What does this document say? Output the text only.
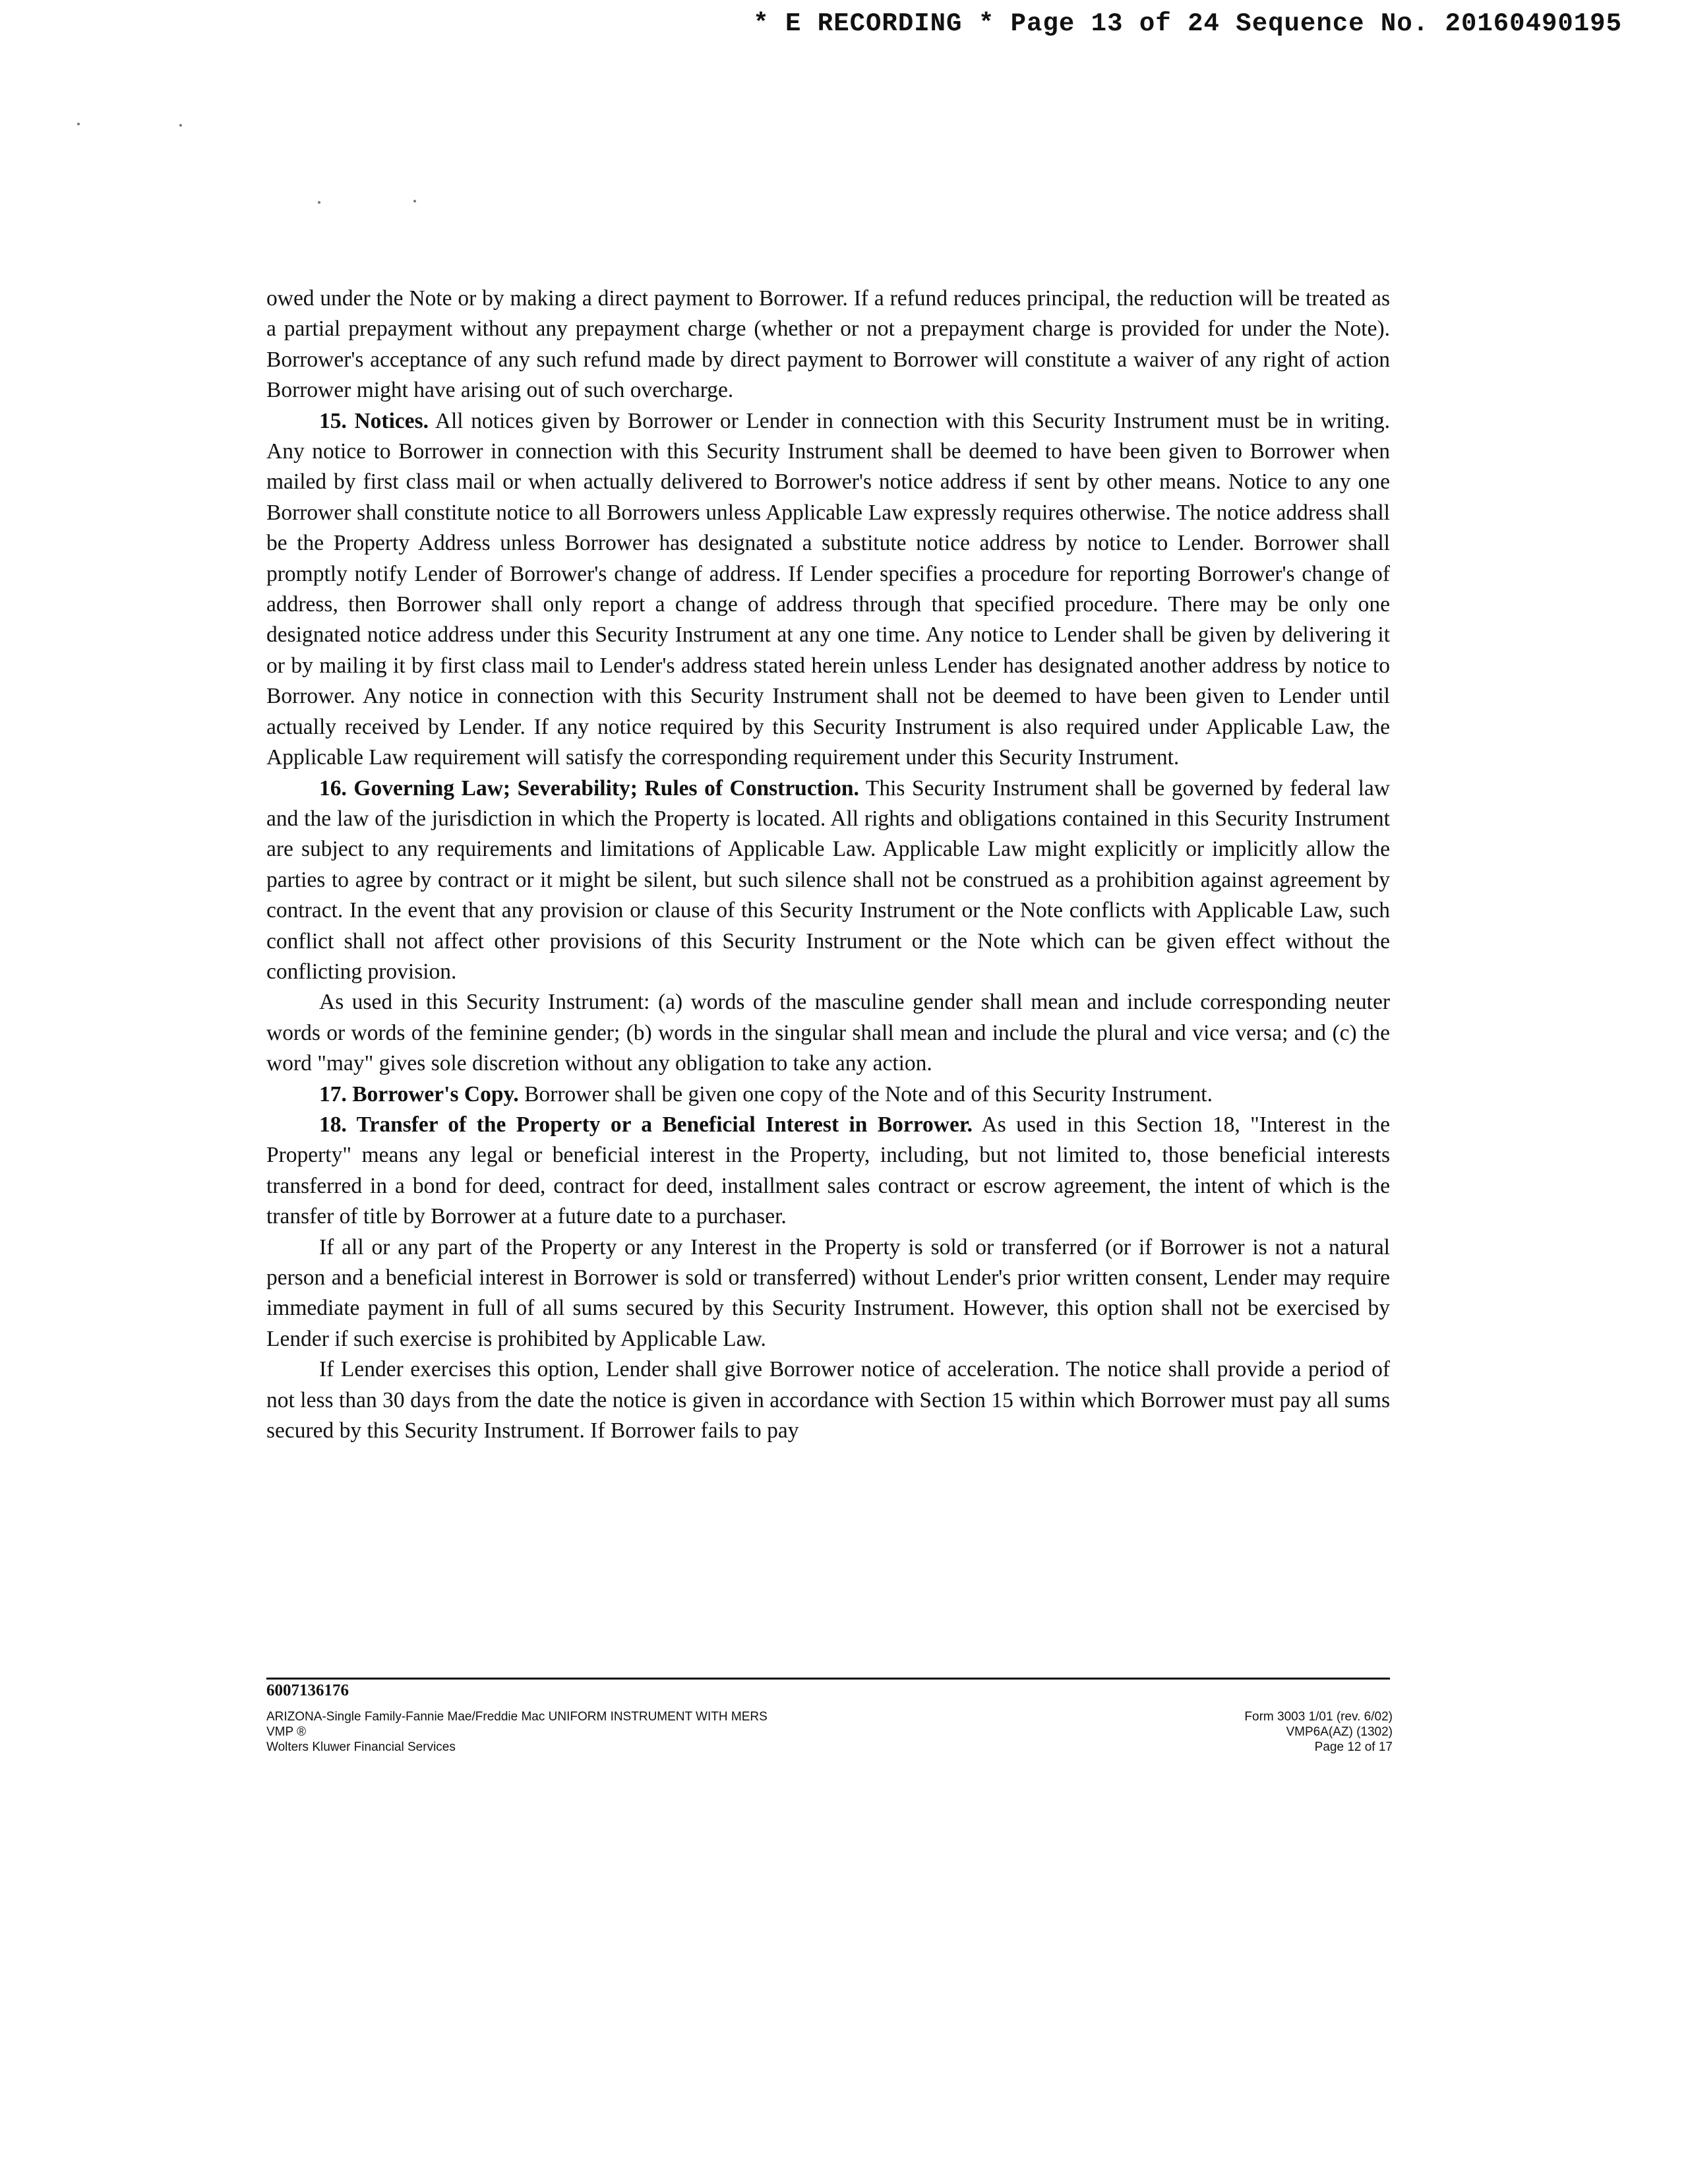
* E RECORDING * Page 13 of 24 Sequence No. 20160490195

owed under the Note or by making a direct payment to Borrower. If a refund reduces principal, the reduction will be treated as a partial prepayment without any prepayment charge (whether or not a prepayment charge is provided for under the Note). Borrower's acceptance of any such refund made by direct payment to Borrower will constitute a waiver of any right of action Borrower might have arising out of such overcharge.

15. Notices. All notices given by Borrower or Lender in connection with this Security Instrument must be in writing. Any notice to Borrower in connection with this Security Instrument shall be deemed to have been given to Borrower when mailed by first class mail or when actually delivered to Borrower's notice address if sent by other means. Notice to any one Borrower shall constitute notice to all Borrowers unless Applicable Law expressly requires otherwise. The notice address shall be the Property Address unless Borrower has designated a substitute notice address by notice to Lender. Borrower shall promptly notify Lender of Borrower's change of address. If Lender specifies a procedure for reporting Borrower's change of address, then Borrower shall only report a change of address through that specified procedure. There may be only one designated notice address under this Security Instrument at any one time. Any notice to Lender shall be given by delivering it or by mailing it by first class mail to Lender's address stated herein unless Lender has designated another address by notice to Borrower. Any notice in connection with this Security Instrument shall not be deemed to have been given to Lender until actually received by Lender. If any notice required by this Security Instrument is also required under Applicable Law, the Applicable Law requirement will satisfy the corresponding requirement under this Security Instrument.

16. Governing Law; Severability; Rules of Construction. This Security Instrument shall be governed by federal law and the law of the jurisdiction in which the Property is located. All rights and obligations contained in this Security Instrument are subject to any requirements and limitations of Applicable Law. Applicable Law might explicitly or implicitly allow the parties to agree by contract or it might be silent, but such silence shall not be construed as a prohibition against agreement by contract. In the event that any provision or clause of this Security Instrument or the Note conflicts with Applicable Law, such conflict shall not affect other provisions of this Security Instrument or the Note which can be given effect without the conflicting provision.

As used in this Security Instrument: (a) words of the masculine gender shall mean and include corresponding neuter words or words of the feminine gender; (b) words in the singular shall mean and include the plural and vice versa; and (c) the word "may" gives sole discretion without any obligation to take any action.

17. Borrower's Copy. Borrower shall be given one copy of the Note and of this Security Instrument.

18. Transfer of the Property or a Beneficial Interest in Borrower. As used in this Section 18, "Interest in the Property" means any legal or beneficial interest in the Property, including, but not limited to, those beneficial interests transferred in a bond for deed, contract for deed, installment sales contract or escrow agreement, the intent of which is the transfer of title by Borrower at a future date to a purchaser.

If all or any part of the Property or any Interest in the Property is sold or transferred (or if Borrower is not a natural person and a beneficial interest in Borrower is sold or transferred) without Lender's prior written consent, Lender may require immediate payment in full of all sums secured by this Security Instrument. However, this option shall not be exercised by Lender if such exercise is prohibited by Applicable Law.

If Lender exercises this option, Lender shall give Borrower notice of acceleration. The notice shall provide a period of not less than 30 days from the date the notice is given in accordance with Section 15 within which Borrower must pay all sums secured by this Security Instrument. If Borrower fails to pay

6007136176
ARIZONA-Single Family-Fannie Mae/Freddie Mac UNIFORM INSTRUMENT WITH MERS
VMP ®
Wolters Kluwer Financial Services
Form 3003 1/01 (rev. 6/02)
VMP6A(AZ) (1302)
Page 12 of 17
